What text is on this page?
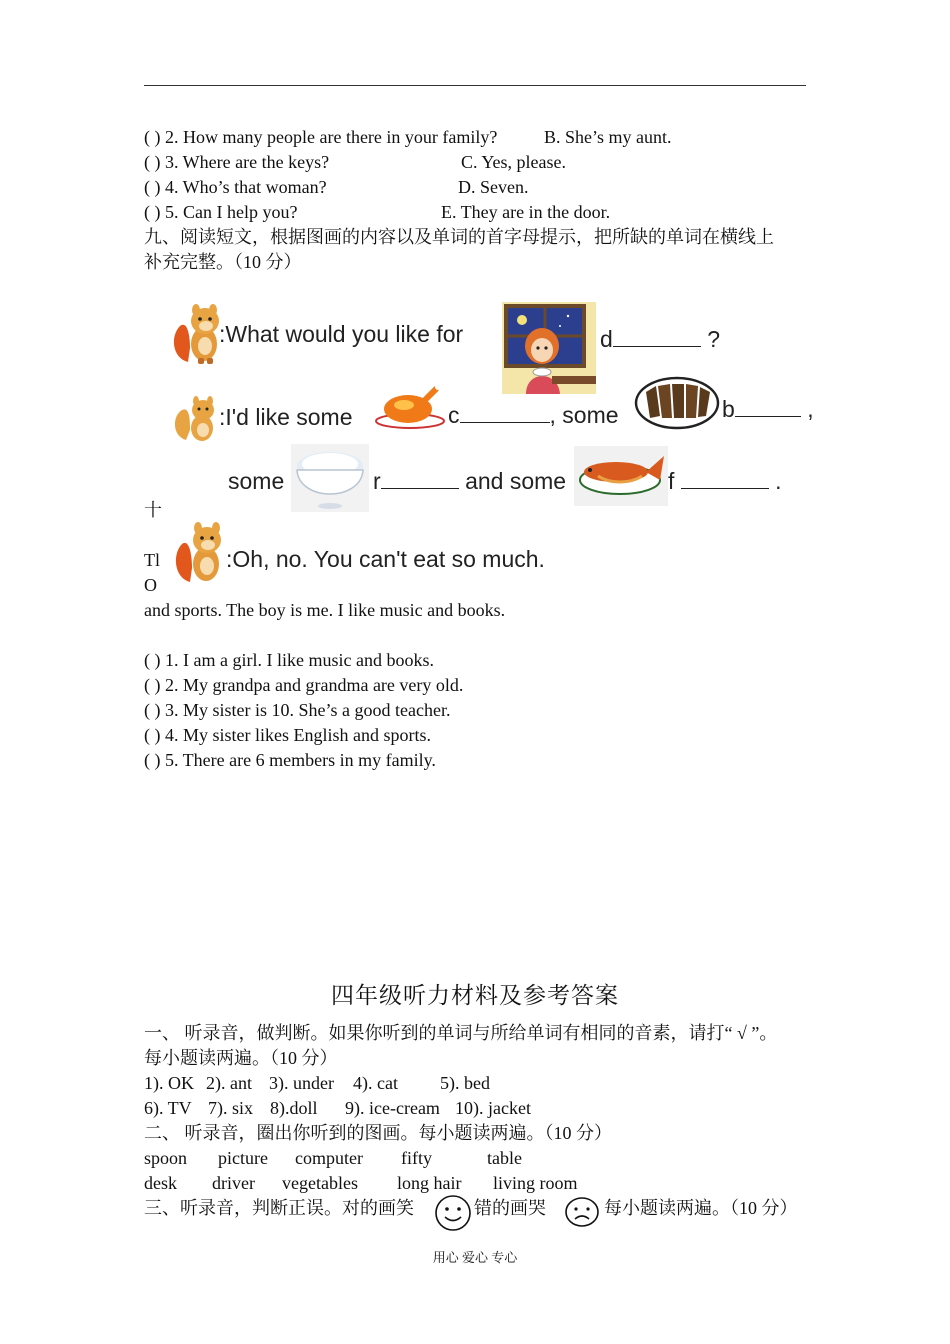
( ) 2. How many people are there in your family?	B. She’s my aunt.
( ) 3. Where are the keys?	C. Yes, please.
( ) 4. Who’s that woman?	D. Seven.
( ) 5. Can I help you?	E. They are in the door.
九、阅读短文，根据图画的内容以及单词的首字母提示，把所缺的单词在横线上
补充完整。（10 分）
:What would you like for	d	?
:I'd like some	c	, some	b	,
some	r	and some	f	.
十
Tl
O
:Oh, no. You can't eat so much.
and sports. The boy is me. I like music and books.
( ) 1. I am a girl. I like music and books.
( ) 2. My grandpa and grandma are very old.
( ) 3. My sister is 10. She’s a good teacher.
( ) 4. My sister likes English and sports.
( ) 5. There are 6 members in my family.
四年级听力材料及参考答案
一、 听录音，做判断。如果你听到的单词与所给单词有相同的音素，请打“ √ ”。
每小题读两遍。（10 分）
1). OK 2). ant 3). under 4). cat 5). bed
6). TV 7). six 8).doll 9). ice-cream 10). jacket
二、 听录音，圈出你听到的图画。每小题读两遍。（10 分）
spoon picture computer fifty	table
desk driver vegetables long hair living room
三、听录音，判断正误。对的画笑	错的画哭	每小题读两遍。（10 分）
用心 爱心 专心
